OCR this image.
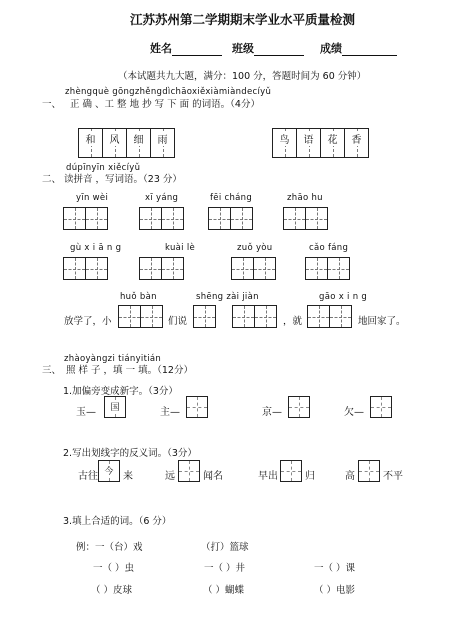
江苏苏州第二学期期末学业水平质量检测
姓名	班级	成绩
（本试题共九大题，满分：100 分，答题时间为 60 分钟）
zhèngquè gōngzhěngdìchāoxiěxiàmiàndecíyǔ
一、 正 确 、工 整 地 抄 写 下 面 的词语。（4分）
和	风	细	雨	鸟	语	花	香
dúpīnyīn xiěcíyǔ
二、 读拼音 ，写词语。（23 分）
yīn wèi	xī yáng	fēi cháng	zhāo hu
gù x i ā n g	kuài lè	zuǒ yòu	cǎo fáng
huǒ bàn	shēng zài jiàn	gāo x i n g
放学了，小	们说	，就	地回家了。
zhàoyàngzi tiányitián
三、 照 样 子 ，填 一 填。（12分）
1.加偏旁变成新字。（3分）
玉—	国	主—	京—	欠—
2.写出划线字的反义词。（3分）
古往 今 来	远	闻名	早出	归	高	不平
3.填上合适的词。（6 分）
例：一（台）戏	（打）篮球
一（ ）虫	一（ ）井	一（ ）课
（ ）皮球	（ ）蝴蝶	（ ）电影
